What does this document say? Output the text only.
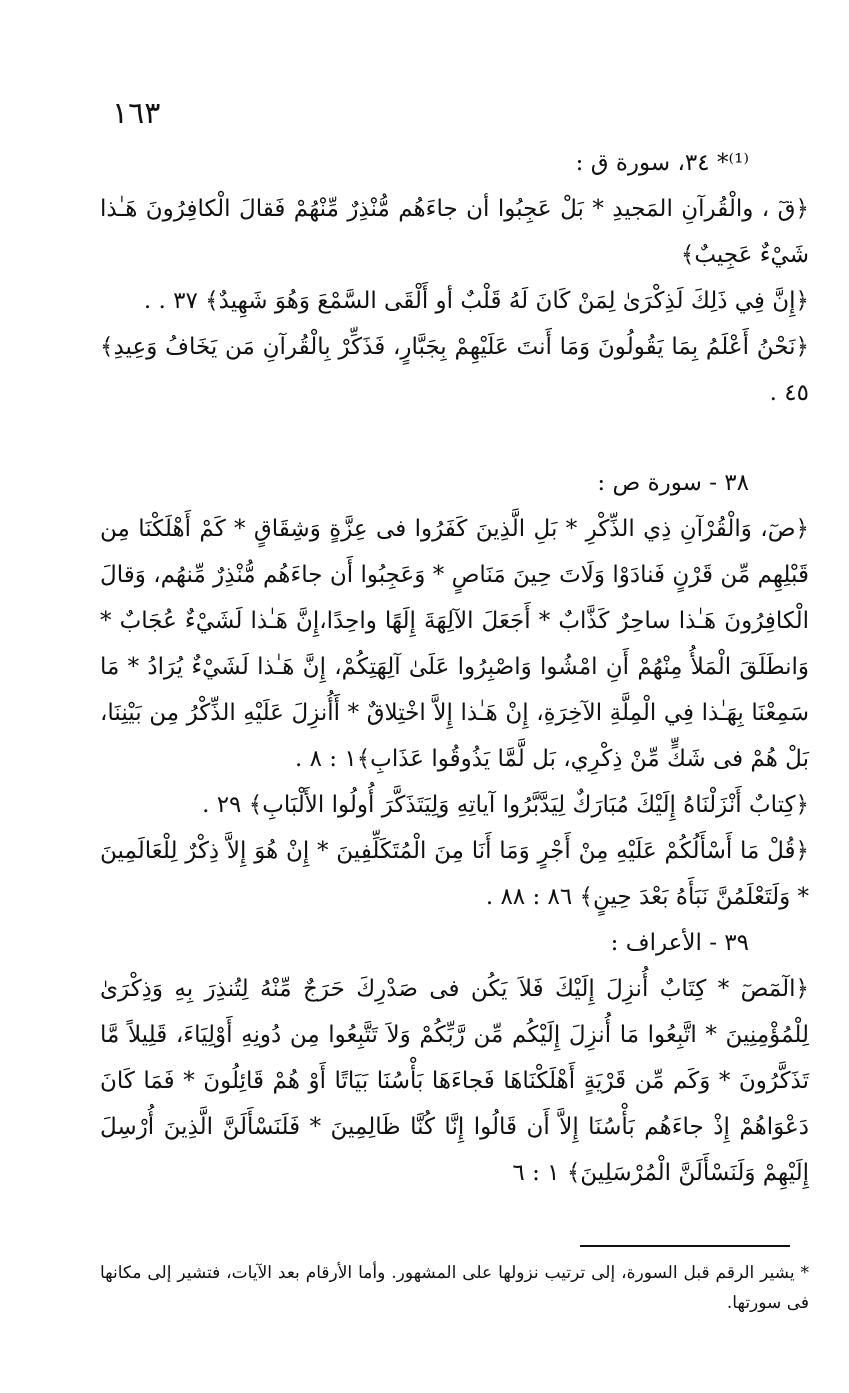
١٦٣

⁽¹⁾* ٣٤، سورة ق :

﴿قٓ ، والْقُرآنِ المَجيدِ * بَلْ عَجِبُوا أن جاءَهُم مُّنْذِرٌ مِّنْهُمْ فَقالَ الْكافِرُونَ هَـٰذا شَيْءٌ عَجِيبٌ﴾

﴿إِنَّ فِي ذَلِكَ لَذِكْرَىٰ لِمَنْ كَانَ لَهُ قَلْبٌ أو أَلْقَى السَّمْعَ وَهُوَ شَهِيدٌ﴾ ٣٧ . .

﴿نَحْنُ أَعْلَمُ بِمَا يَقُولُونَ وَمَا أَنتَ عَلَيْهِمْ بِجَبَّارٍ، فَذَكِّرْ بِالْقُرآنِ مَن يَخَافُ وَعِيدِ﴾ ٤٥ .

٣٨ - سورة ص :

﴿صٓ، وَالْقُرْآنِ ذِي الذِّكْرِ * بَلِ الَّذِينَ كَفَرُوا فى عِزَّةٍ وَشِقَاقٍ * كَمْ أَهْلَكْنَا مِن قَبْلِهِم مِّن قَرْنٍ فَنادَوْا وَلَاتَ حِينَ مَنَاصٍ * وَعَجِبُوا أَن جاءَهُم مُّنْذِرٌ مِّنهُم، وَقالَ الْكافِرُونَ هَـٰذا ساحِرٌ كَذَّابٌ * أَجَعَلَ الآلِهَةَ إِلَهًا واحِدًا،إِنَّ هَـٰذا لَشَيْءٌ عُجَابٌ * وَانطَلَقَ الْمَلأُ مِنْهُمْ أَنِ امْشُوا وَاصْبِرُوا عَلَىٰ آلِهَتِكُمْ، إِنَّ هَـٰذا لَشَيْءٌ يُرَادُ * مَا سَمِعْنَا بِهَـٰذا فِي الْمِلَّةِ الآخِرَةِ، إِنْ هَـٰذا إِلاَّ اخْتِلاقٌ * أَأُنزِلَ عَلَيْهِ الذِّكْرُ مِن بَيْنِنَا، بَلْ هُمْ فى شَكٍّ مِّنْ ذِكْرِي، بَل لَّمَّا يَذُوقُوا عَذَابِ﴾١ : ٨ .

﴿كِتابٌ أَنْزَلْنَاهُ إِلَيْكَ مُبَارَكٌ لِيَدَّبَّرُوا آياتِهِ وَلِيَتَذَكَّرَ أُولُوا الأَلْبَابِ﴾ ٢٩ .

﴿قُلْ مَا أَسْأَلُكُمْ عَلَيْهِ مِنْ أَجْرٍ وَمَا أَنَا مِنَ الْمُتَكَلِّفِينَ * إِنْ هُوَ إِلاَّ ذِكْرٌ لِلْعَالَمِينَ * وَلَتَعْلَمُنَّ نَبَأَهُ بَعْدَ حِينٍ﴾ ٨٦ : ٨٨ .

٣٩ - الأعراف :

﴿الٓمٓصٓ * كِتَابٌ أُنزِلَ إِلَيْكَ فَلاَ يَكُن فى صَدْرِكَ حَرَجٌ مِّنْهُ لِتُنذِرَ بِهِ وَذِكْرَىٰ لِلْمُؤْمِنِينَ * اتَّبِعُوا مَا أُنزِلَ إِلَيْكُم مِّن رَّبِّكُمْ وَلاَ تَتَّبِعُوا مِن دُونِهِ أَوْلِيَاءَ، قَلِيلاً مَّا تَذَكَّرُونَ * وَكَم مِّن قَرْيَةٍ أَهْلَكْنَاهَا فَجاءَهَا بَأْسُنَا بَيَاتًا أَوْ هُمْ قَائِلُونَ * فَمَا كَانَ دَعْوَاهُمْ إِذْ جاءَهُم بَأْسُنَا إِلاَّ أَن قَالُوا إِنَّا كُنَّا ظَالِمِينَ * فَلَنَسْأَلَنَّ الَّذِينَ أُرْسِلَ إِلَيْهِمْ وَلَنَسْأَلَنَّ الْمُرْسَلِينَ﴾ ١ : ٦

* يشير الرقم قبل السورة، إلى ترتيب نزولها على المشهور. وأما الأرقام بعد الآيات، فتشير إلى مكانها فى سورتها.
